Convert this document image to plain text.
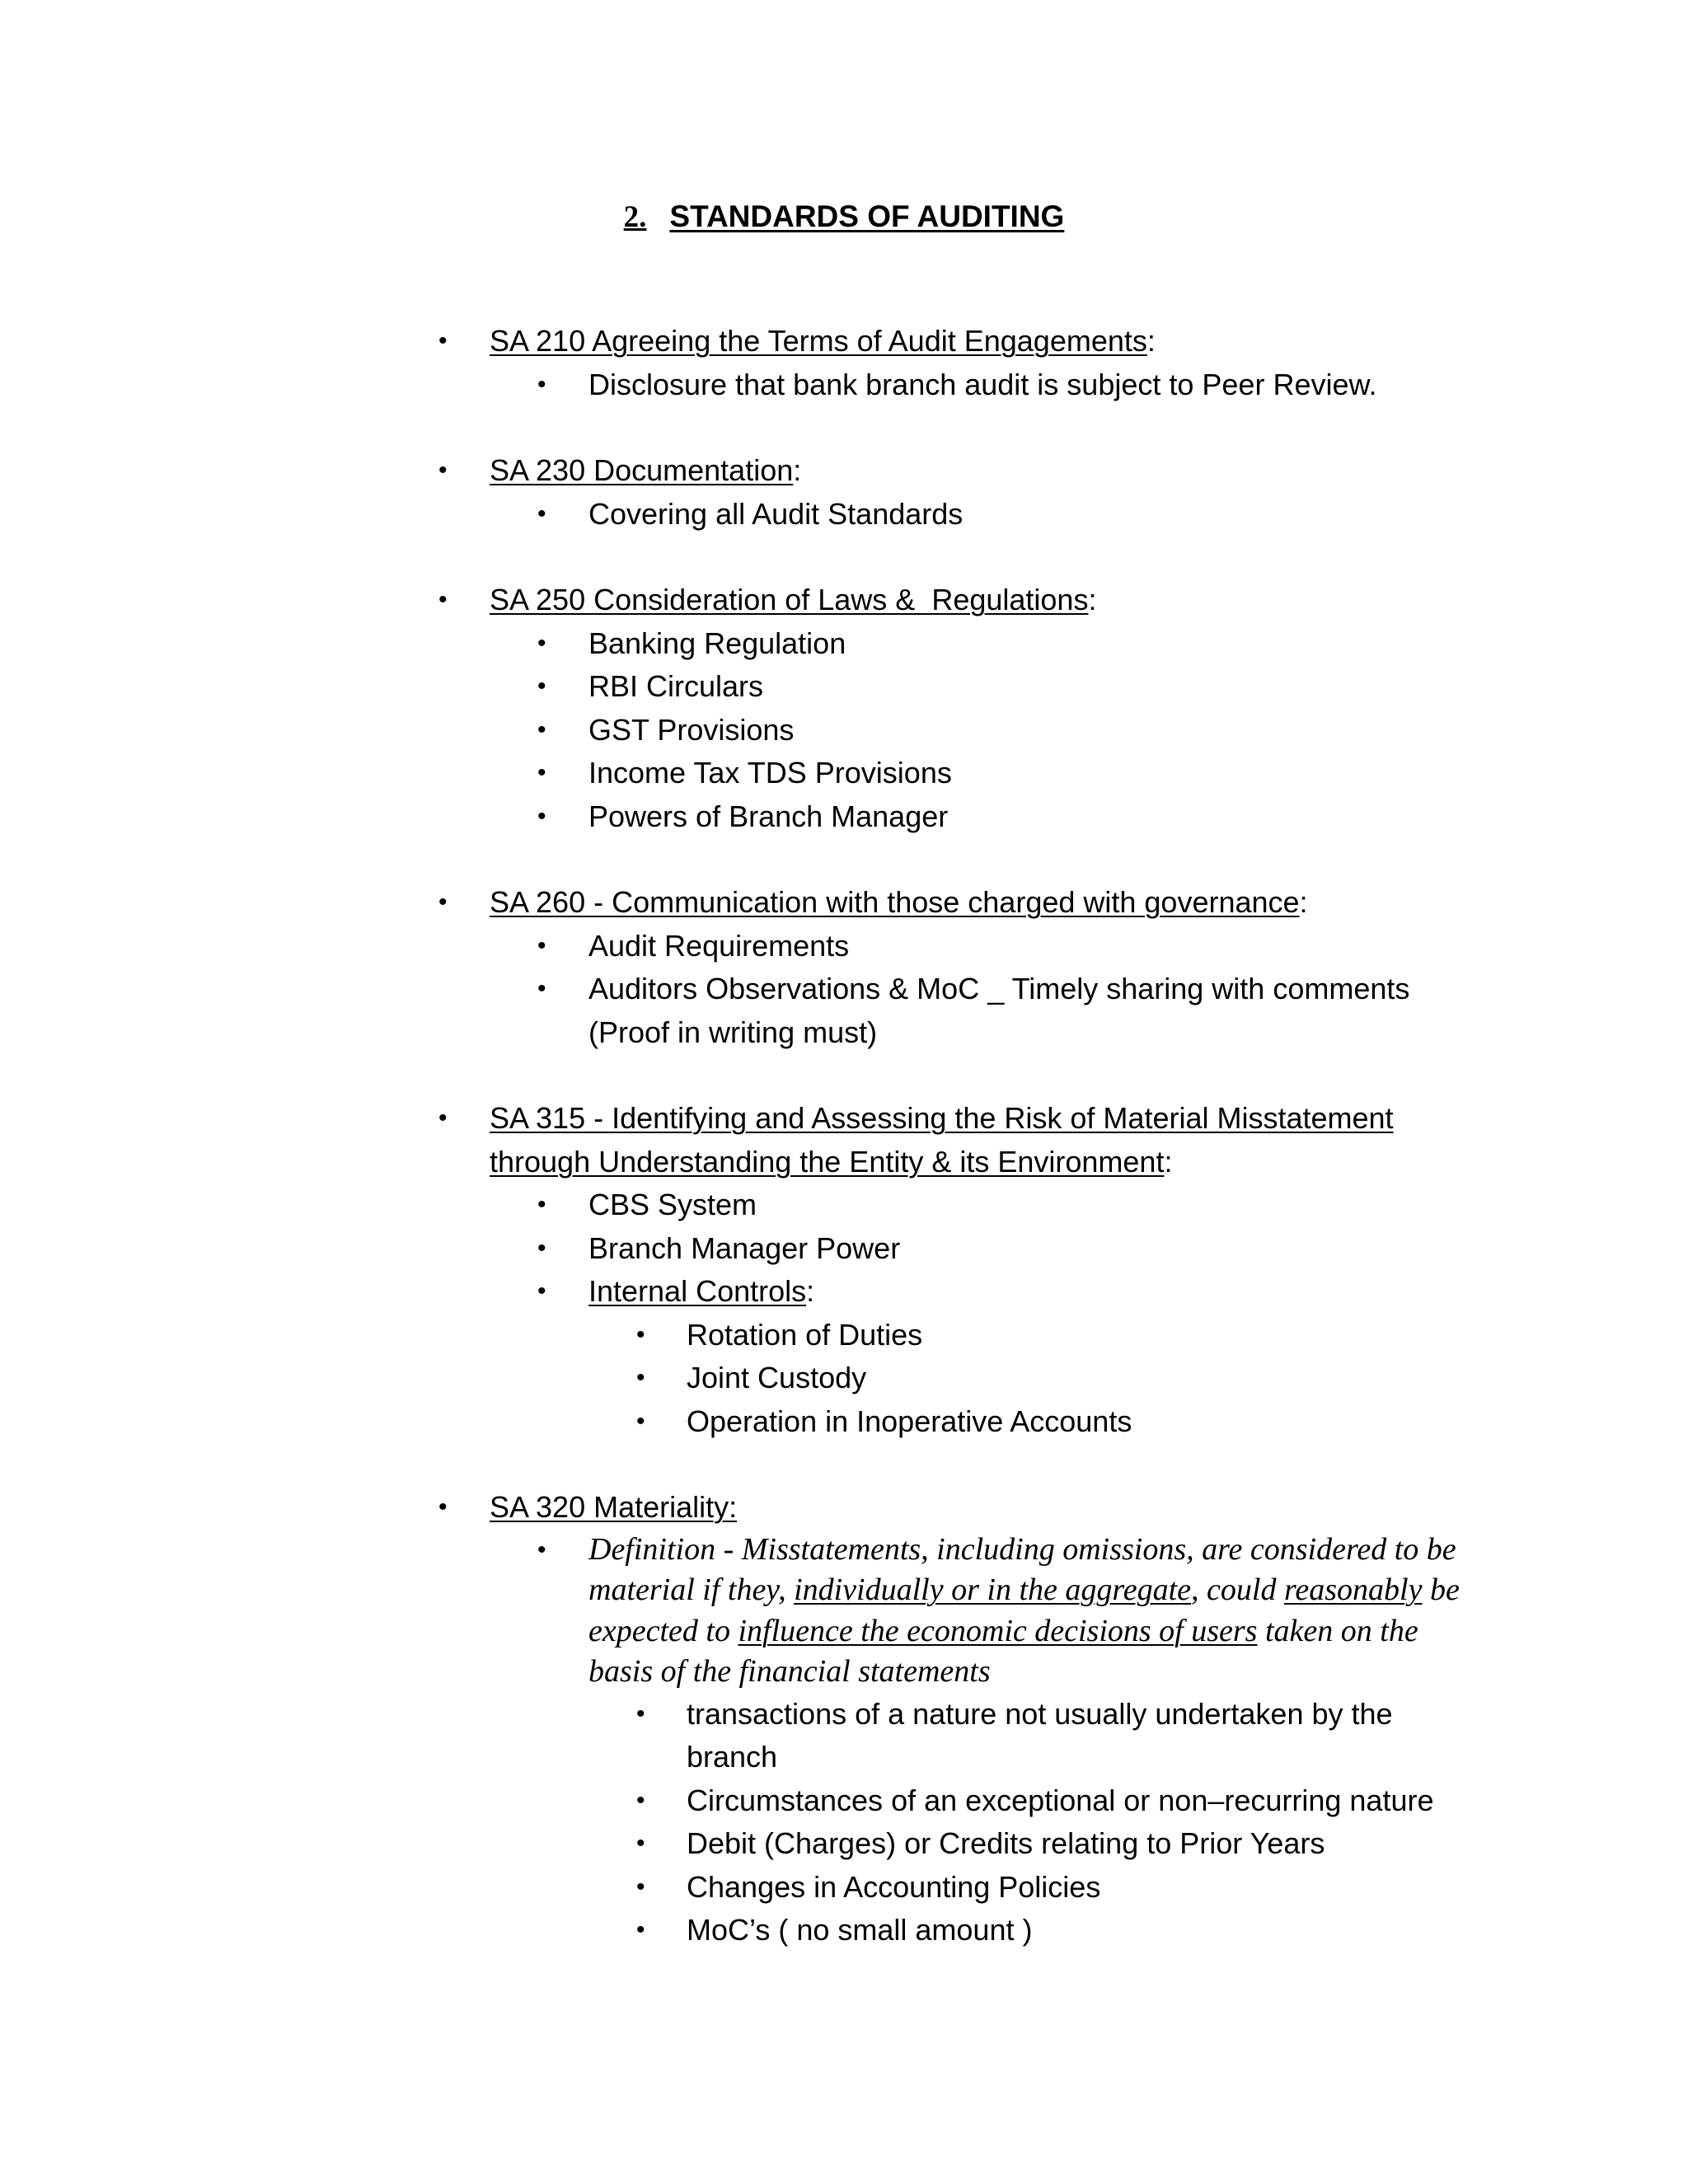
2. STANDARDS OF AUDITING
• SA 210 Agreeing the Terms of Audit Engagements:
• Disclosure that bank branch audit is subject to Peer Review.
• SA 230 Documentation:
• Covering all Audit Standards
• SA 250 Consideration of Laws &  Regulations:
• Banking Regulation
• RBI Circulars
• GST Provisions
• Income Tax TDS Provisions
• Powers of Branch Manager
• SA 260 - Communication with those charged with governance:
• Audit Requirements
• Auditors Observations & MoC _ Timely sharing with comments
(Proof in writing must)
• SA 315 - Identifying and Assessing the Risk of Material Misstatement
through Understanding the Entity & its Environment:
• CBS System
• Branch Manager Power
• Internal Controls:
• Rotation of Duties
• Joint Custody
• Operation in Inoperative Accounts
• SA 320 Materiality:
• Definition - Misstatements, including omissions, are considered to be material if they, individually or in the aggregate, could reasonably be expected to influence the economic decisions of users taken on the basis of the financial statements
• transactions of a nature not usually undertaken by the
branch
• Circumstances of an exceptional or non–recurring nature
• Debit (Charges) or Credits relating to Prior Years
• Changes in Accounting Policies
• MoC’s ( no small amount )
